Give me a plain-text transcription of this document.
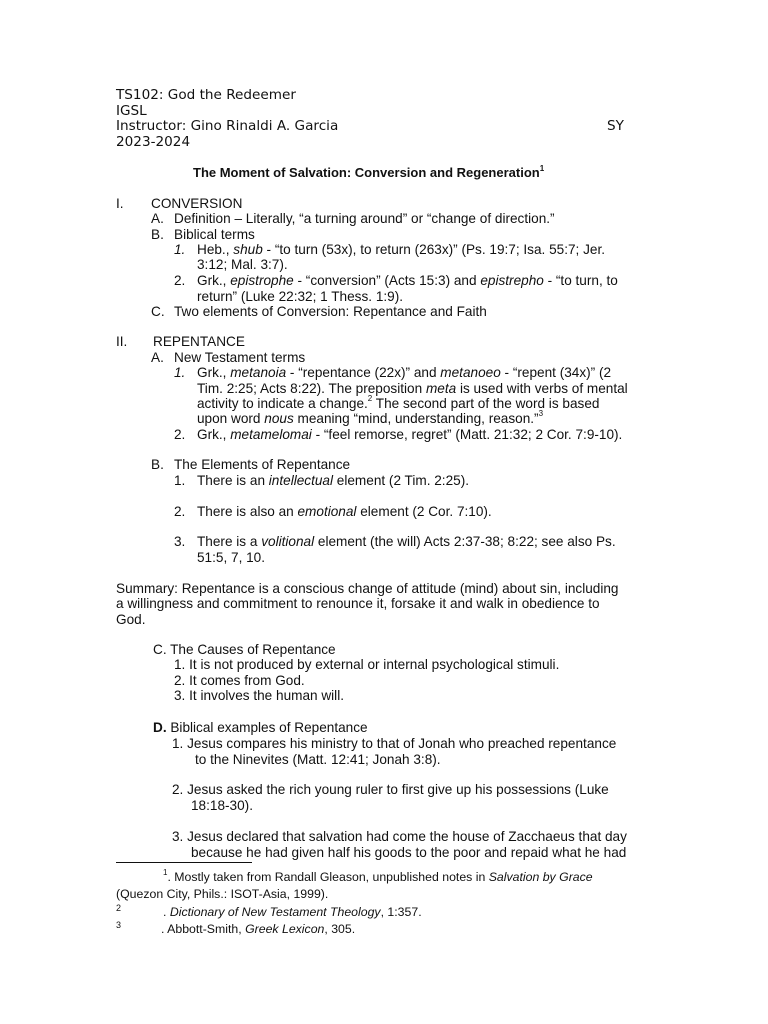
TS102: God the Redeemer
IGSL
Instructor: Gino Rinaldi A. Garcia	SY
2023-2024
The Moment of Salvation: Conversion and Regeneration$^1$
I. CONVERSION
A. Definition – Literally, “a turning around” or “change of direction.”
B. Biblical terms
1. Heb., shub - “to turn (53x), to return (263x)” (Ps. 19:7; Isa. 55:7; Jer.
3:12; Mal. 3:7).
2. Grk., epistrophe - “conversion” (Acts 15:3) and epistrepho - “to turn, to
return” (Luke 22:32; 1 Thess. 1:9).
C. Two elements of Conversion: Repentance and Faith
II. REPENTANCE
A. New Testament terms
1. Grk., metanoia - “repentance (22x)” and metanoeo - “repent (34x)” (2
Tim. 2:25; Acts 8:22). The preposition meta is used with verbs of mental
activity to indicate a change.$^2$ The second part of the word is based
upon word nous meaning “mind, understanding, reason.”$^3$
2. Grk., metamelomai - “feel remorse, regret” (Matt. 21:32; 2 Cor. 7:9-10).
B. The Elements of Repentance
1. There is an intellectual element (2 Tim. 2:25).
2. There is also an emotional element (2 Cor. 7:10).
3. There is a volitional element (the will) Acts 2:37-38; 8:22; see also Ps.
51:5, 7, 10.
Summary: Repentance is a conscious change of attitude (mind) about sin, including
a willingness and commitment to renounce it, forsake it and walk in obedience to
God.
C. The Causes of Repentance
1. It is not produced by external or internal psychological stimuli.
2. It comes from God.
3. It involves the human will.
D. Biblical examples of Repentance
1. Jesus compares his ministry to that of Jonah who preached repentance
to the Ninevites (Matt. 12:41; Jonah 3:8).
2. Jesus asked the rich young ruler to first give up his possessions (Luke
18:18-30).
3. Jesus declared that salvation had come the house of Zacchaeus that day
because he had given half his goods to the poor and repaid what he had
$^1$. Mostly taken from Randall Gleason, unpublished notes in Salvation by Grace
(Quezon City, Phils.: ISOT-Asia, 1999).
2	. Dictionary of New Testament Theology, 1:357.
3	. Abbott-Smith, Greek Lexicon, 305.
